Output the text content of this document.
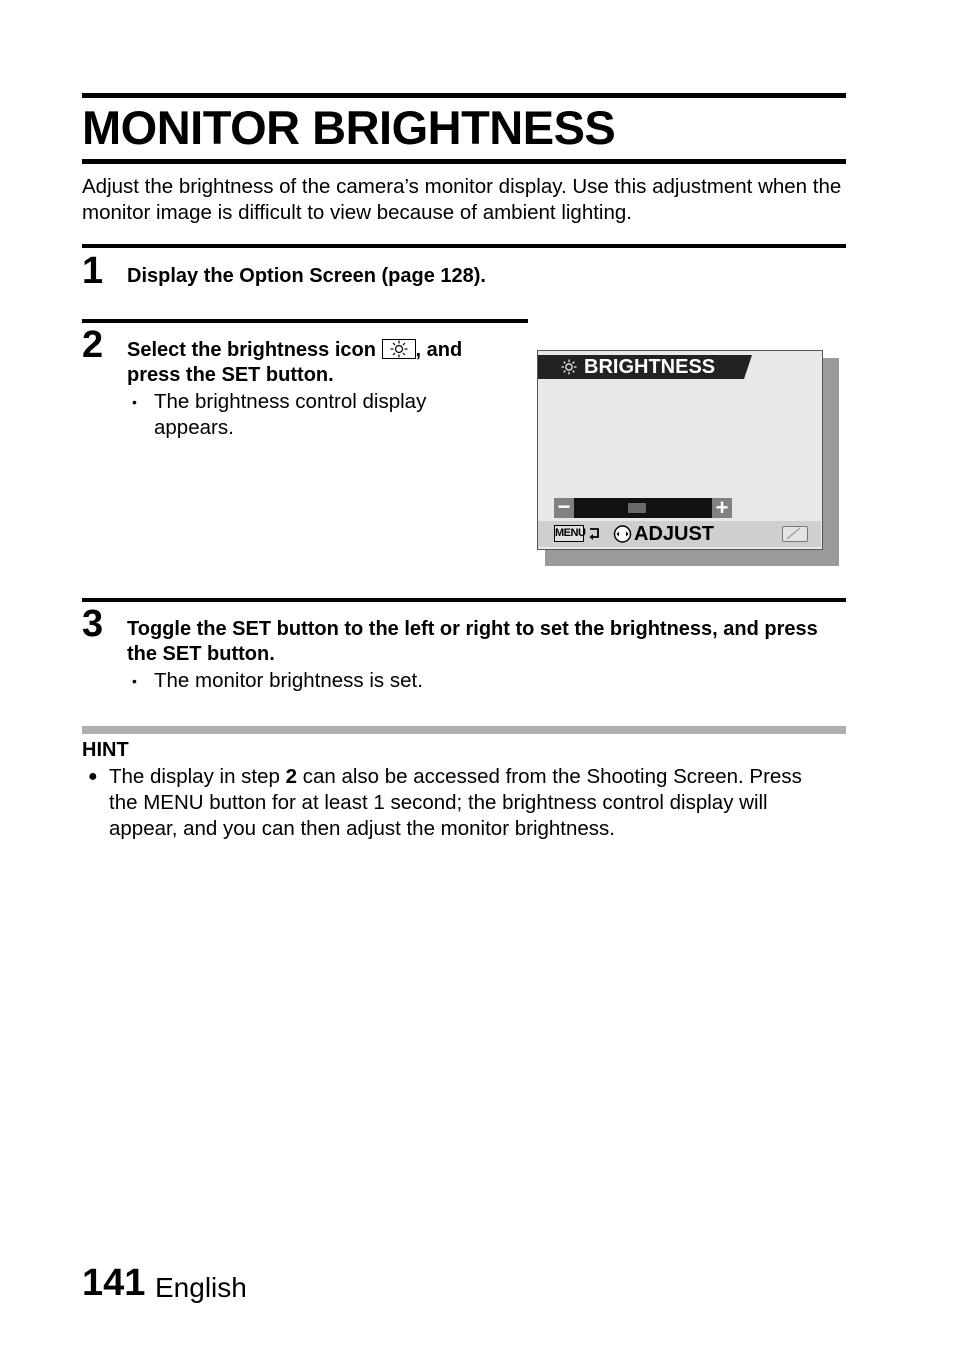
MONITOR BRIGHTNESS
Adjust the brightness of the camera’s monitor display. Use this adjustment when the monitor image is difficult to view because of ambient lighting.
1 Display the Option Screen (page 128).
2 Select the brightness icon , and press the SET button.
• The brightness control display appears.
BRIGHTNESS
−	+
MENU ADJUST
3 Toggle the SET button to the left or right to set the brightness, and press the SET button.
• The monitor brightness is set.
HINT
● The display in step 2 can also be accessed from the Shooting Screen. Press the MENU button for at least 1 second; the brightness control display will appear, and you can then adjust the monitor brightness.
141 English
